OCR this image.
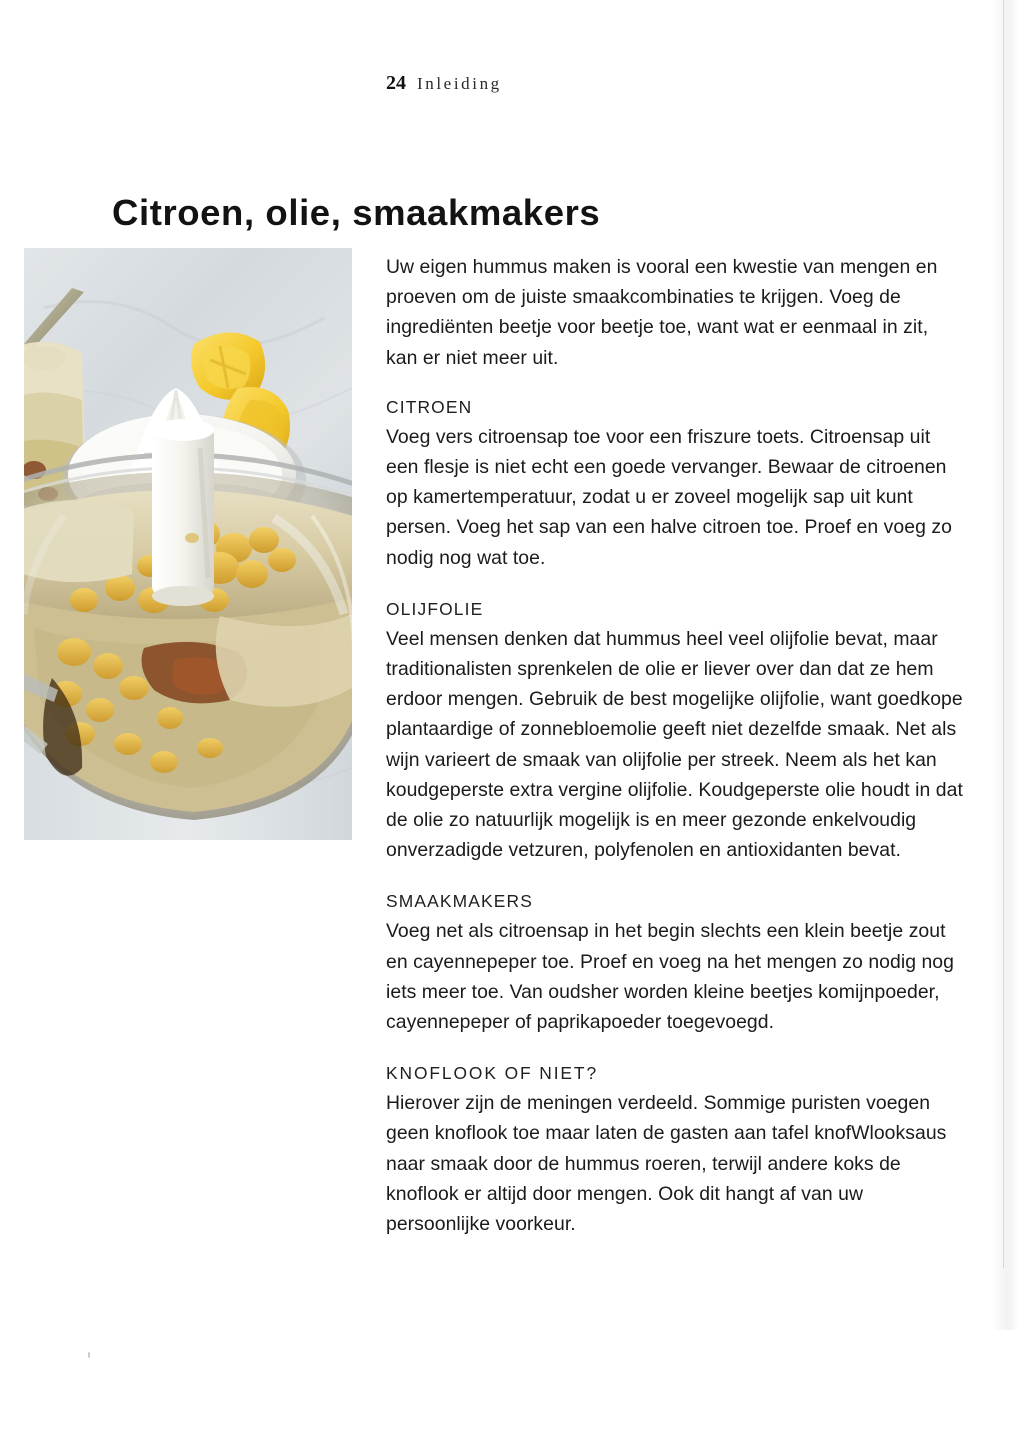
24 Inleiding
Citroen, olie, smaakmakers

Uw eigen hummus maken is vooral een kwestie van mengen en proeven om de juiste smaakcombinaties te krijgen. Voeg de ingrediënten beetje voor beetje toe, want wat er eenmaal in zit, kan er niet meer uit.

CITROEN

Voeg vers citroensap toe voor een friszure toets. Citroensap uit een flesje is niet echt een goede vervanger. Bewaar de citroenen op kamertemperatuur, zodat u er zoveel mogelijk sap uit kunt persen. Voeg het sap van een halve citroen toe. Proef en voeg zo nodig nog wat toe.

OLIJFOLIE

Veel mensen denken dat hummus heel veel olijfolie bevat, maar traditionalisten sprenkelen de olie er liever over dan dat ze hem erdoor mengen. Gebruik de best mogelijke olijfolie, want goedkope plantaardige of zonnebloemolie geeft niet dezelfde smaak. Net als wijn varieert de smaak van olijfolie per streek. Neem als het kan koudgeperste extra vergine olijfolie. Koudgeperste olie houdt in dat de olie zo natuurlijk mogelijk is en meer gezonde enkelvoudig onverzadigde vetzuren, polyfenolen en antioxidanten bevat.

SMAAKMAKERS

Voeg net als citroensap in het begin slechts een klein beetje zout en cayennepeper toe. Proef en voeg na het mengen zo nodig nog iets meer toe. Van oudsher worden kleine beetjes komijnpoeder, cayennepeper of paprikapoeder toegevoegd.

KNOFLOOK OF NIET?

Hierover zijn de meningen verdeeld. Sommige puristen voegen geen knoflook toe maar laten de gasten aan tafel knofWlooksaus naar smaak door de hummus roeren, terwijl andere koks de knoflook er altijd door mengen. Ook dit hangt af van uw persoonlijke voorkeur.
